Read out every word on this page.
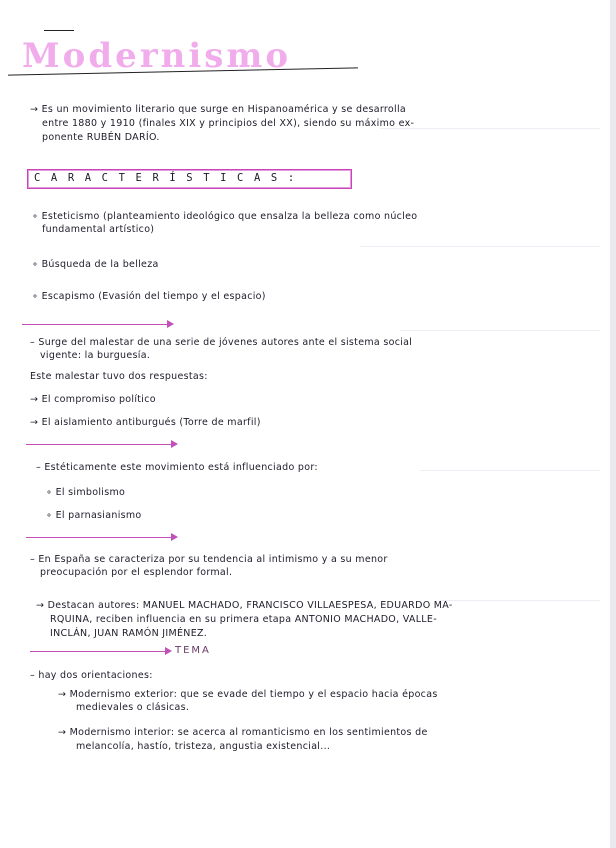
Modernismo
→ Es un movimiento literario que surge en Hispanoamérica y se desarrolla
entre 1880 y 1910 (finales XIX y principios del XX), siendo su máximo ex-
ponente RUBÉN DARÍO.
CARACTERÍSTICAS:
∘ Esteticismo (planteamiento ideológico que ensalza la belleza como núcleo
fundamental artístico)
∘ Búsqueda de la belleza
∘ Escapismo (Evasión del tiempo y el espacio)
– Surge del malestar de una serie de jóvenes autores ante el sistema social
vigente: la burguesía.
Este malestar tuvo dos respuestas:
→ El compromiso político
→ El aislamiento antiburgués (Torre de marfil)
– Estéticamente este movimiento está influenciado por:
∘ El simbolismo
∘ El parnasianismo
– En España se caracteriza por su tendencia al intimismo y a su menor
preocupación por el esplendor formal.
→ Destacan autores: MANUEL MACHADO, FRANCISCO VILLAESPESA, EDUARDO MA-
RQUINA, reciben influencia en su primera etapa ANTONIO MACHADO, VALLE-
INCLÁN, JUAN RAMÓN JIMÉNEZ.
TEMA
– hay dos orientaciones:
→ Modernismo exterior: que se evade del tiempo y el espacio hacia épocas
medievales o clásicas.
→ Modernismo interior: se acerca al romanticismo en los sentimientos de
melancolía, hastío, tristeza, angustia existencial...
